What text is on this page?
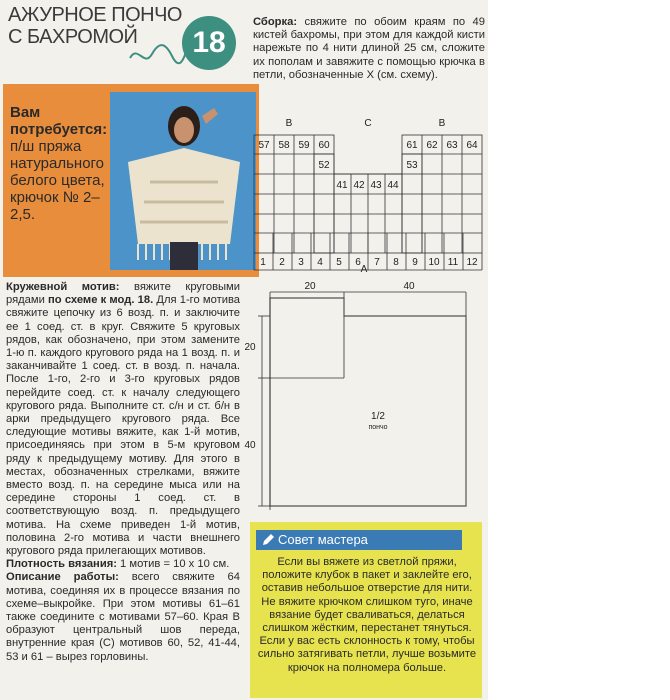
АЖУРНОЕ ПОНЧО
С БАХРОМОЙ	18
Вам потребуется:
п/ш пряжа натурального белого цвета, крючок № 2–2,5.

Кружевной мотив: вяжите круговыми рядами по схеме к мод. 18. Для 1-го мотива свяжите цепочку из 6 возд. п. и заключите ее 1 соед. ст. в круг. Свяжите 5 круговых рядов, как обозначено, при этом замените 1-ю п. каждого кругового ряда на 1 возд. п. и заканчивайте 1 соед. ст. в возд. п. начала. После 1-го, 2-го и 3-го круговых рядов перейдите соед. ст. к началу следующего кругового ряда. Выполните ст. с/н и ст. б/н в арки предыдущего кругового ряда. Все следующие мотивы вяжите, как 1-й мотив, присоединяясь при этом в 5-м круговом ряду к предыдущему мотиву. Для этого в местах, обозначенных стрелками, вяжите вместо возд. п. на середине мыса или на середине стороны 1 соед. ст. в соответствующую возд. п. предыдущего мотива. На схеме приведен 1-й мотив, половина 2-го мотива и части внешнего кругового ряда прилегающих мотивов.

Плотность вязания: 1 мотив = 10 х 10 см.

Описание работы: всего свяжите 64 мотива, соединяя их в процессе вязания по схеме–выкройке. При этом мотивы 61–61 также соедините с мотивами 57–60. Края В образуют центральный шов переда, внутренние края (С) мотивов 60, 52, 41-44, 53 и 61 – вырез горловины.

Сборка: свяжите по обоим краям по 49 кистей бахромы, при этом для каждой кисти нарежьте по 4 нити длиной 25 см, сложите их пополам и завяжите с помощью крючка в петли, обозначенные Х (см. схему).

B	C	B
57 58 59 60	61 62 63 64
52	53
41 42 43 44
1 2 3 4 5 6 7 8 9 10 11 12
A
20	40
20
40
1/2
пончо
Совет мастера

Если вы вяжете из светлой пряжи, положите клубок в пакет и заклейте его, оставив небольшое отверстие для нити.

Не вяжите крючком слишком туго, иначе вязание будет сваливаться, делаться слишком жёстким, перестанет тянуться. Если у вас есть склонность к тому, чтобы сильно затягивать петли, лучше возьмите крючок на полномера больше.
